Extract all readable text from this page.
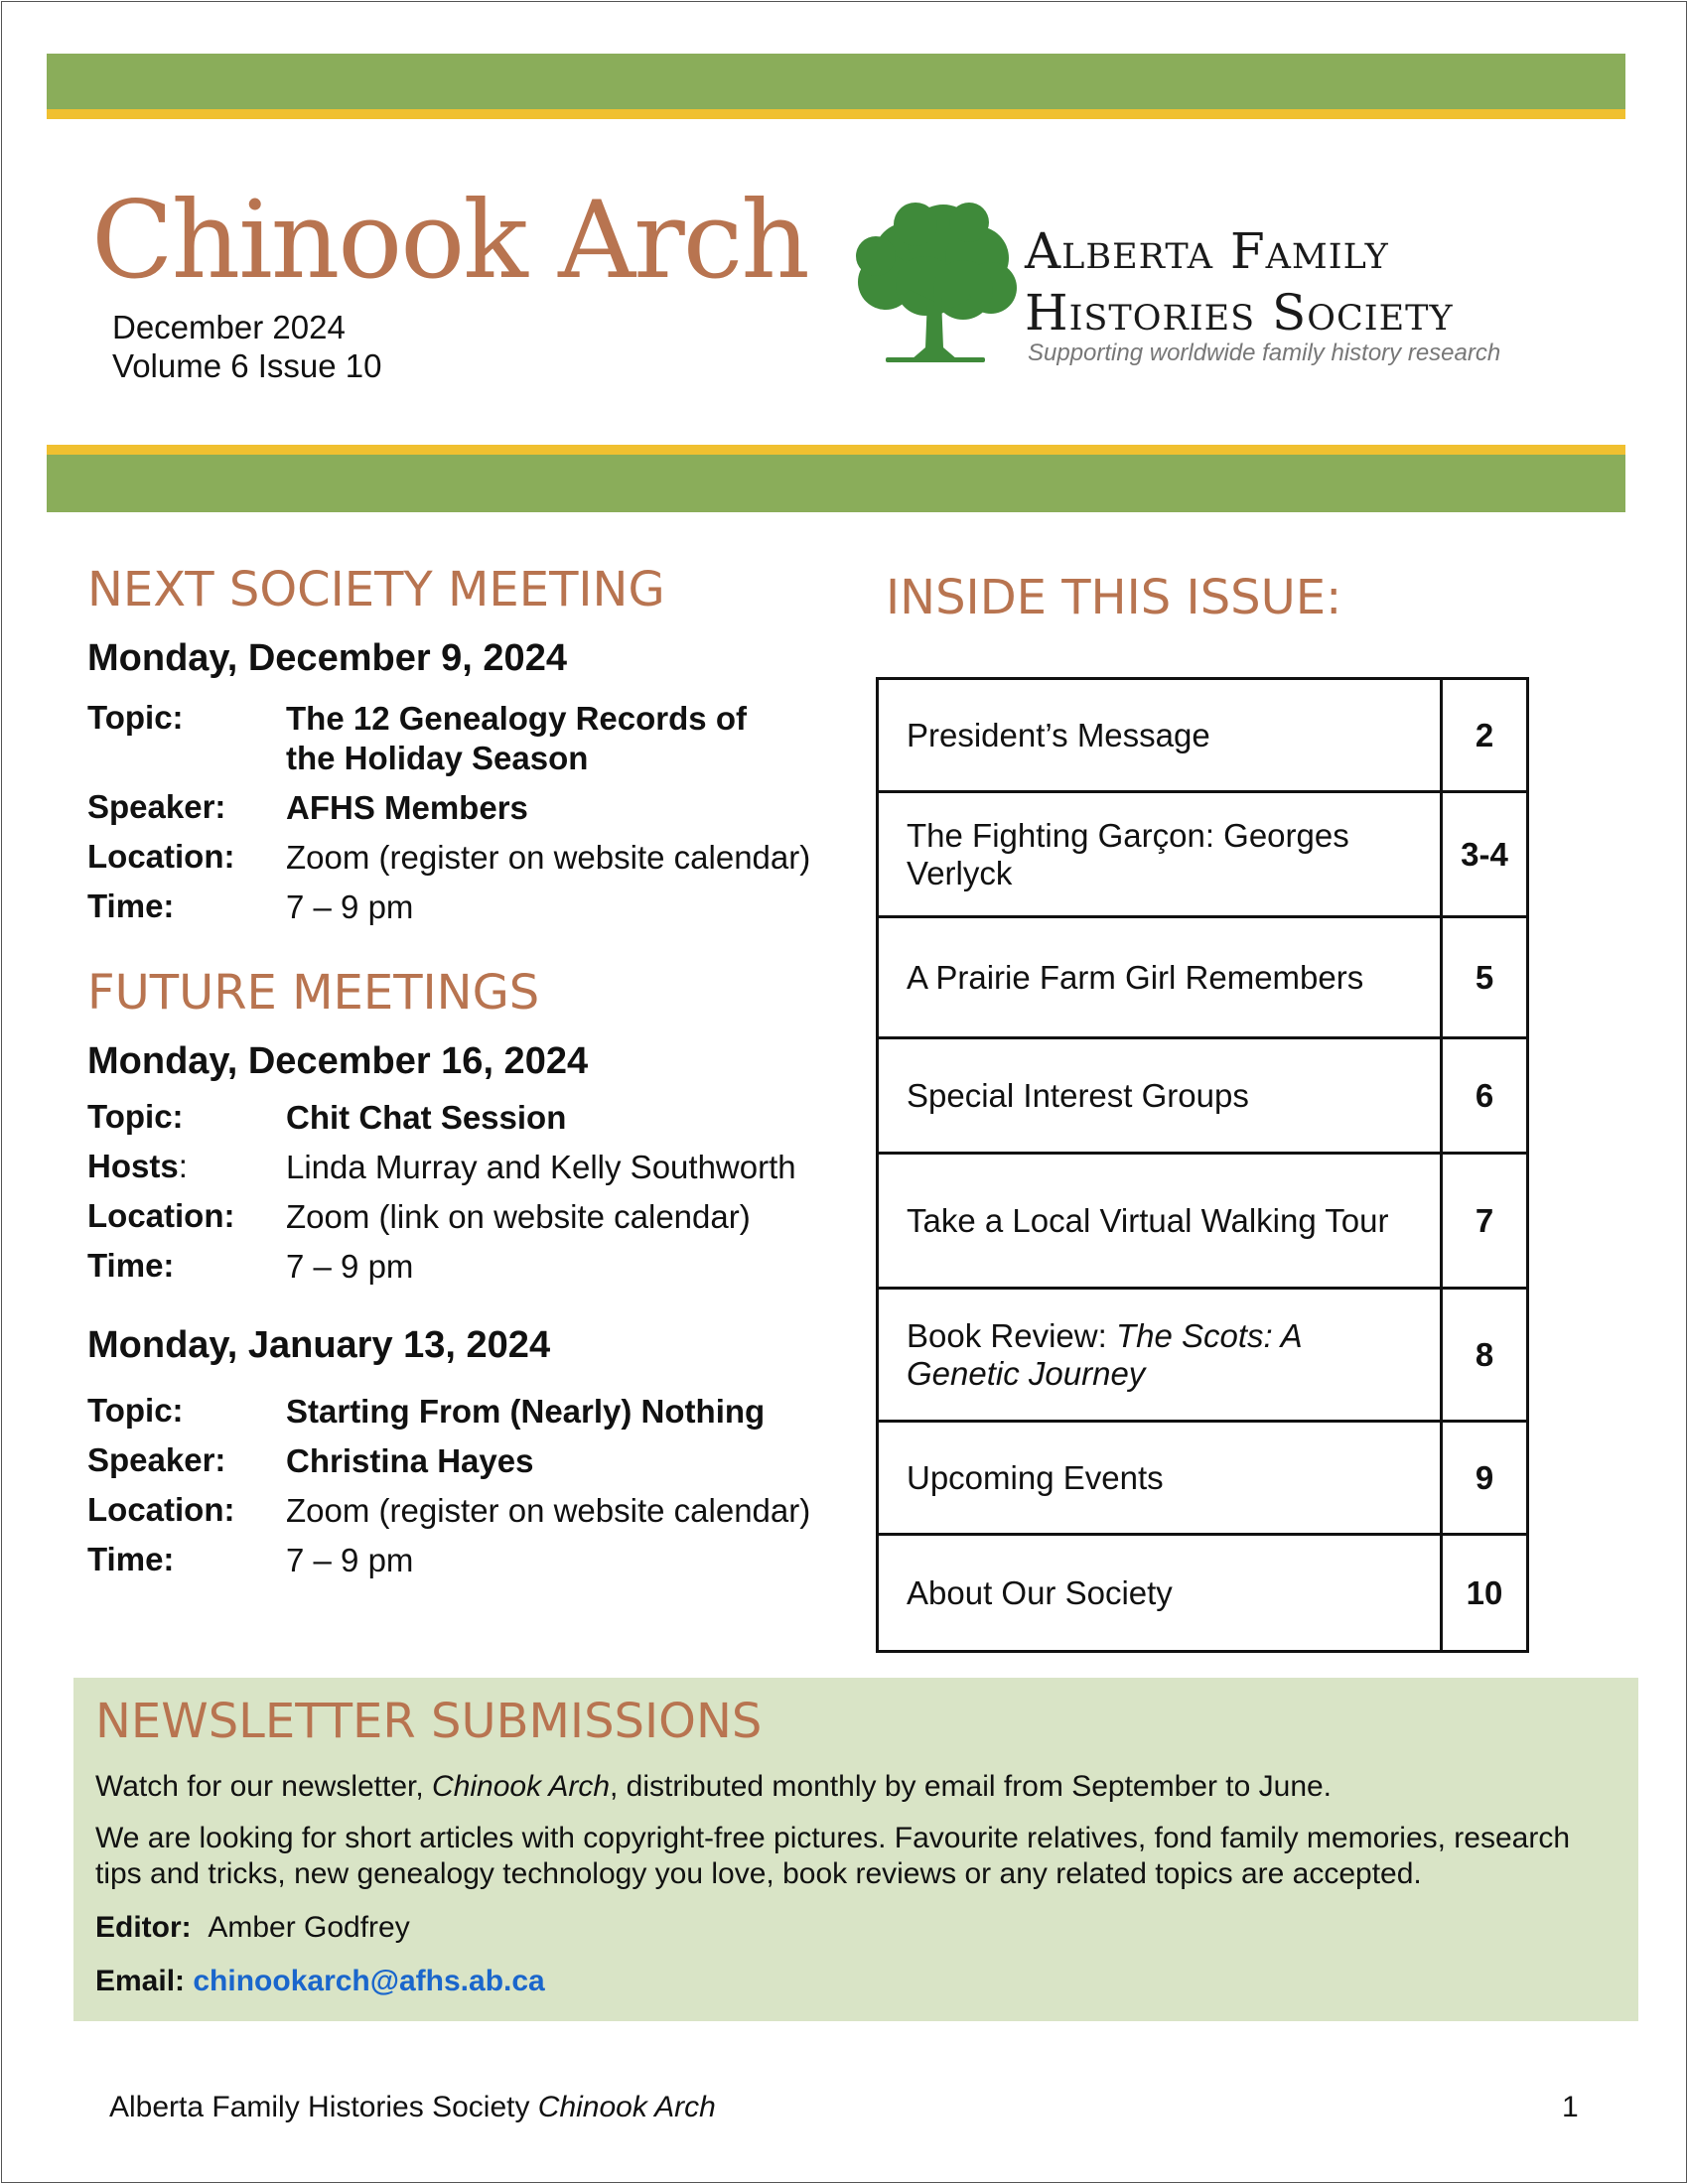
Chinook Arch
December 2024
Volume 6 Issue 10
Alberta Family
Histories Society
Supporting worldwide family history research
NEXT SOCIETY MEETING
Monday, December 9, 2024
Topic:	The 12 Genealogy Records of
the Holiday Season
Speaker: AFHS Members
Location: Zoom (register on website calendar)
Time:	7 – 9 pm
FUTURE MEETINGS
Monday, December 16, 2024
Topic:	Chit Chat Session
Hosts:	Linda Murray and Kelly Southworth
Location: Zoom (link on website calendar)
Time:	7 – 9 pm
Monday, January 13, 2024
Topic:	Starting From (Nearly) Nothing
Speaker: Christina Hayes
Location: Zoom (register on website calendar)
Time:	7 – 9 pm
INSIDE THIS ISSUE:
President’s Message	2
The Fighting Garçon: Georges Verlyck	3-4
A Prairie Farm Girl Remembers	5
Special Interest Groups	6
Take a Local Virtual Walking Tour	7
Book Review: The Scots: A Genetic Journey	8
Upcoming Events	9
About Our Society	10
NEWSLETTER SUBMISSIONS
Watch for our newsletter, Chinook Arch, distributed monthly by email from September to June.
We are looking for short articles with copyright-free pictures. Favourite relatives, fond family memories, research tips and tricks, new genealogy technology you love, book reviews or any related topics are accepted.
Editor: Amber Godfrey
Email: chinookarch@afhs.ab.ca
Alberta Family Histories Society Chinook Arch	1
